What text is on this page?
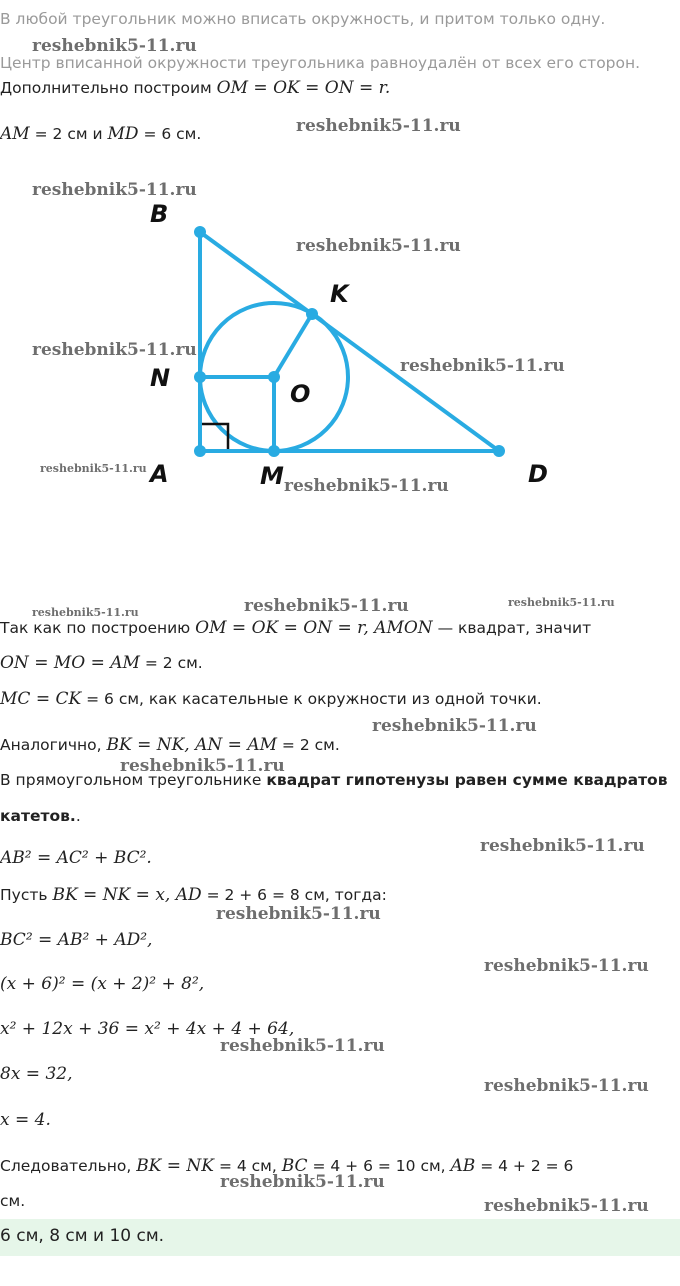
В любой треугольник можно вписать окружность, и притом только одну.
Центр вписанной окружности треугольника равноудалён от всех его сторон.
Дополнительно построим OM = OK = ON = r.
AM = 2 см и MD = 6 см.
B
K
N
O
A	M	D
Так как по построению OM = OK = ON = r, AMON — квадрат, значит
ON = MO = AM = 2 см.
MC = CK = 6 см, как касательные к окружности из одной точки.
Аналогично, BK = NK, AN = AM = 2 см.
В прямоугольном треугольнике квадрат гипотенузы равен сумме квадратов
катетов..
AB² = AC² + BC².
Пусть BK = NK = x, AD = 2 + 6 = 8 см, тогда:
BC² = AB² + AD²,
(x + 6)² = (x + 2)² + 8²,
x² + 12x + 36 = x² + 4x + 4 + 64,
8x = 32,
x = 4.
Следовательно, BK = NK = 4 см, BC = 4 + 6 = 10 см, AB = 4 + 2 = 6
см.
6 см, 8 см и 10 см.
reshebnik5-11.ru
reshebnik5-11.ru
reshebnik5-11.ru
reshebnik5-11.ru
reshebnik5-11.ru
reshebnik5-11.ru
reshebnik5-11.ru
reshebnik5-11.ru
reshebnik5-11.ru	reshebnik5-11.ru	reshebnik5-11.ru
reshebnik5-11.ru
reshebnik5-11.ru
reshebnik5-11.ru
reshebnik5-11.ru
reshebnik5-11.ru
reshebnik5-11.ru
reshebnik5-11.ru
reshebnik5-11.ru
reshebnik5-11.ru
